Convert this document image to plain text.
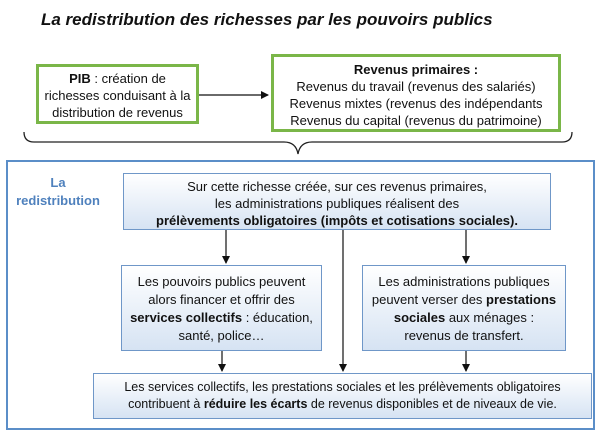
La redistribution des richesses par les pouvoirs publics
PIB : création de
richesses conduisant à la
distribution de revenus
Revenus primaires :
Revenus du travail (revenus des salariés)
Revenus mixtes (revenus des indépendants
Revenus du capital (revenus du patrimoine)
La
redistribution
Sur cette richesse créée, sur ces revenus primaires,
les administrations publiques réalisent des
prélèvements obligatoires (impôts et cotisations sociales).
Les pouvoirs publics peuvent
alors financer et offrir des
services collectifs : éducation,
santé, police…
Les administrations publiques
peuvent verser des prestations
sociales aux ménages :
revenus de transfert.
Les services collectifs, les prestations sociales et les prélèvements obligatoires
contribuent à réduire les écarts de revenus disponibles et de niveaux de vie.
